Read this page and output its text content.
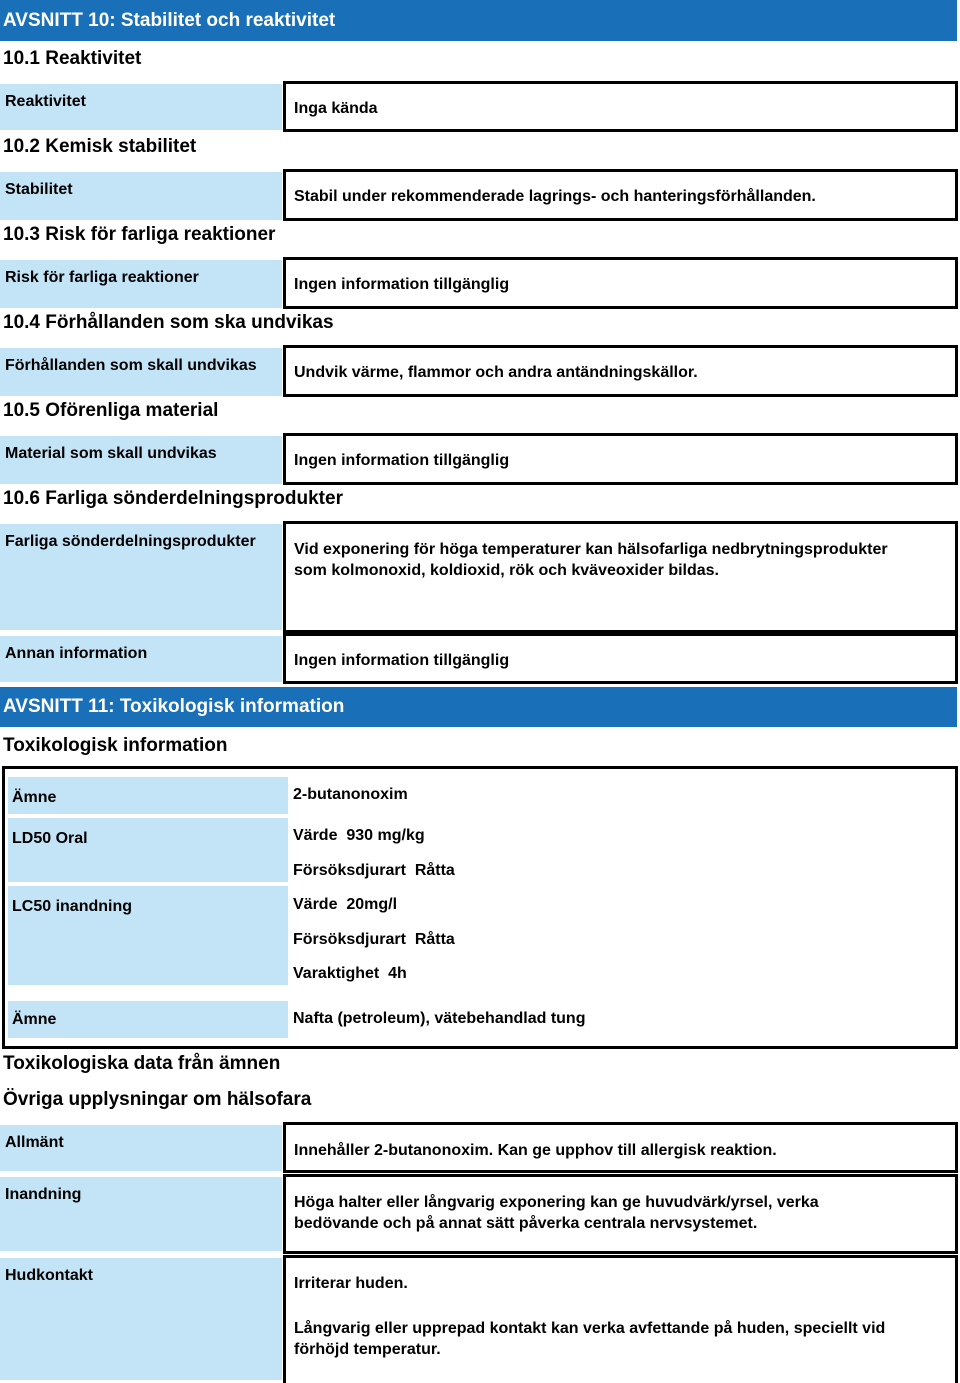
AVSNITT 10: Stabilitet och reaktivitet
10.1 Reaktivitet
Reaktivitet	Inga kända
10.2 Kemisk stabilitet
Stabilitet	Stabil under rekommenderade lagrings- och hanteringsförhållanden.
10.3 Risk för farliga reaktioner
Risk för farliga reaktioner	Ingen information tillgänglig
10.4 Förhållanden som ska undvikas
Förhållanden som skall undvikas	Undvik värme, flammor och andra antändningskällor.
10.5 Oförenliga material
Material som skall undvikas	Ingen information tillgänglig
10.6 Farliga sönderdelningsprodukter
Farliga sönderdelningsprodukter	Vid exponering för höga temperaturer kan hälsofarliga nedbrytningsprodukter
som kolmonoxid, koldioxid, rök och kväveoxider bildas.
Annan information	Ingen information tillgänglig
AVSNITT 11: Toxikologisk information
Toxikologisk information
Ämne	2-butanonoxim
LD50 Oral	Värde 930 mg/kg
Försöksdjurart Råtta
LC50 inandning	Värde 20mg/l
Försöksdjurart Råtta
Varaktighet 4h
Ämne	Nafta (petroleum), vätebehandlad tung
Toxikologiska data från ämnen
Övriga upplysningar om hälsofara
Allmänt	Innehåller 2-butanonoxim. Kan ge upphov till allergisk reaktion.
Inandning	Höga halter eller långvarig exponering kan ge huvudvärk/yrsel, verka
bedövande och på annat sätt påverka centrala nervsystemet.
Hudkontakt	Irriterar huden.
Långvarig eller upprepad kontakt kan verka avfettande på huden, speciellt vid
förhöjd temperatur.
